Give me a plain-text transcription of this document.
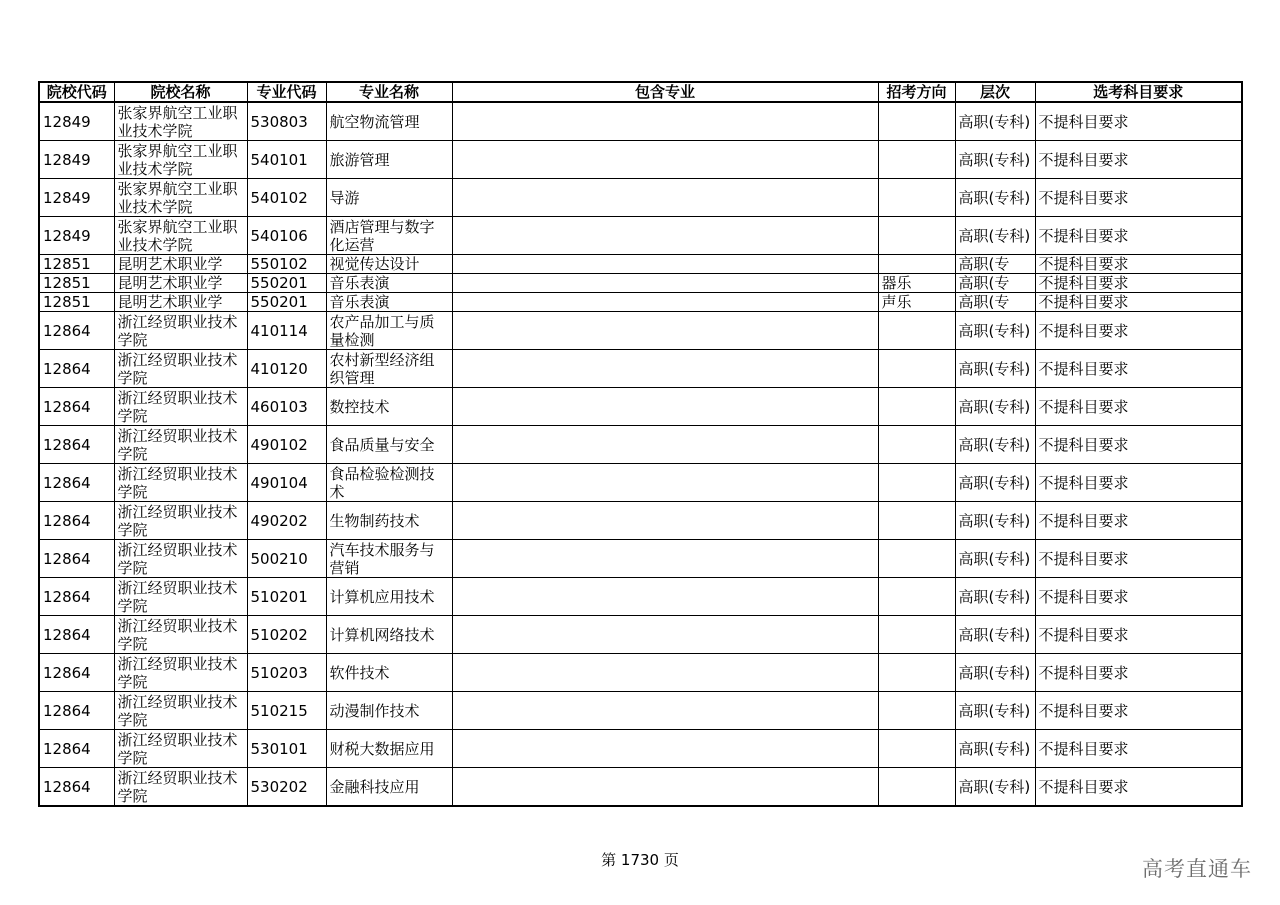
院校代码	院校名称	专业代码	专业名称	包含专业	招考方向	层次	选考科目要求
12849	张家界航空工业职业技术学院	530803	航空物流管理			高职(专科)	不提科目要求
12849	张家界航空工业职业技术学院	540101	旅游管理			高职(专科)	不提科目要求
12849	张家界航空工业职业技术学院	540102	导游			高职(专科)	不提科目要求
12849	张家界航空工业职业技术学院	540106	酒店管理与数字化运营			高职(专科)	不提科目要求

12851	昆明艺术职业学	550102	视觉传达设计			高职(专	不提科目要求

12851	昆明艺术职业学	550201	音乐表演		器乐	高职(专	不提科目要求

12851	昆明艺术职业学	550201	音乐表演		声乐	高职(专	不提科目要求

12864	浙江经贸职业技术学院	410114	农产品加工与质量检测			高职(专科)	不提科目要求
12864	浙江经贸职业技术学院	410120	农村新型经济组织管理			高职(专科)	不提科目要求
12864	浙江经贸职业技术学院	460103	数控技术			高职(专科)	不提科目要求
12864	浙江经贸职业技术学院	490102	食品质量与安全			高职(专科)	不提科目要求
12864	浙江经贸职业技术学院	490104	食品检验检测技术			高职(专科)	不提科目要求
12864	浙江经贸职业技术学院	490202	生物制药技术			高职(专科)	不提科目要求
12864	浙江经贸职业技术学院	500210	汽车技术服务与营销			高职(专科)	不提科目要求
12864	浙江经贸职业技术学院	510201	计算机应用技术			高职(专科)	不提科目要求
12864	浙江经贸职业技术学院	510202	计算机网络技术			高职(专科)	不提科目要求
12864	浙江经贸职业技术学院	510203	软件技术			高职(专科)	不提科目要求
12864	浙江经贸职业技术学院	510215	动漫制作技术			高职(专科)	不提科目要求
12864	浙江经贸职业技术学院	530101	财税大数据应用			高职(专科)	不提科目要求
12864	浙江经贸职业技术学院	530202	金融科技应用			高职(专科)	不提科目要求
第 1730 页	高考直通车
